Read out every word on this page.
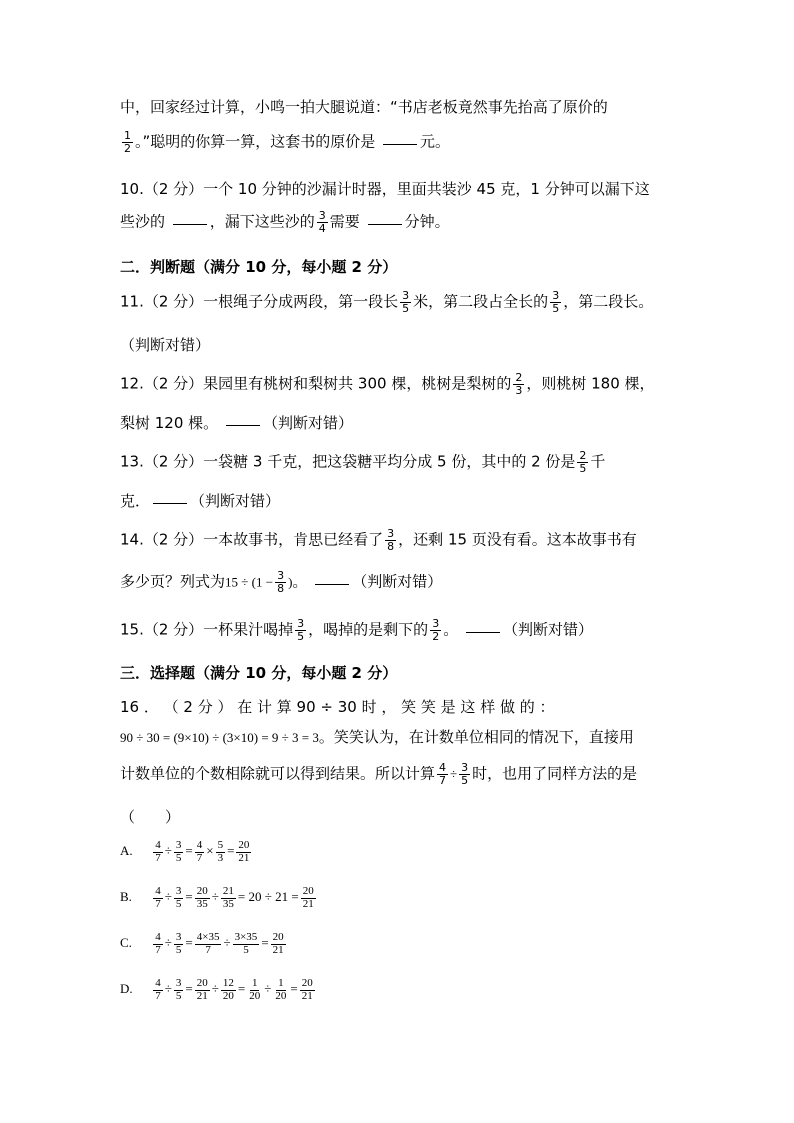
中，回家经过计算，小鸣一拍大腿说道：“书店老板竟然事先抬高了原价的
$\frac{1}{2}$ 。”聪明的你算一算，这套书的原价是	元。
10.（2 分）一个 10 分钟的沙漏计时器，里面共装沙 45 克，1 分钟可以漏下这
些沙的	，漏下这些沙的 $\frac{3}{4}$ 需要	分钟。
二．判断题（满分 10 分，每小题 2 分）
11.（2 分）一根绳子分成两段，第一段长 $\frac{3}{5}$ 米，第二段占全长的 $\frac{3}{5}$ ，第二段长。
（判断对错）
12.（2 分）果园里有桃树和梨树共 300 棵，桃树是梨树的 $\frac{2}{3}$ ，则桃树 180 棵，
梨树 120 棵。	（判断对错）
13.（2 分）一袋糖 3 千克，把这袋糖平均分成 5 份，其中的 2 份是 $\frac{2}{5}$ 千
克．	（判断对错）
14.（2 分）一本故事书，肯思已经看了 $\frac{3}{8}$ ，还剩 15 页没有看。这本故事书有
多少页？列式为$15 \div (1 - \frac{3}{8}$ )。	（判断对错）
15.（2 分）一杯果汁喝掉 $\frac{3}{5}$ ，喝掉的是剩下的 $\frac{3}{2}$ 。	（判断对错）
三．选择题（满分 10 分，每小题 2 分）
16 ． （ 2 分 ） 在 计 算 90 ÷ 30 时 ， 笑 笑 是 这 样 做 的 ：
90 ÷ 30 = (9×10) ÷ (3×10) = 9 ÷ 3 = 3。笑笑认为，在计数单位相同的情况下，直接用
计数单位的个数相除就可以得到结果。所以计算 $\frac{4}{7} \div \frac{3}{5}$ 时，也用了同样方法的是
（　　）
A. $\frac{4}{7} \div \frac{3}{5} = \frac{4}{7} \times \frac{5}{3} = \frac{20}{21}$
B. $\frac{4}{7} \div \frac{3}{5} = \frac{20}{35} \div \frac{21}{35} = 20 \div 21 = \frac{20}{21}$
C. $\frac{4}{7} \div \frac{3}{5} = \frac{4\times 35}{7} \div \frac{3\times 35}{5} = \frac{20}{21}$
D. $\frac{4}{7} \div \frac{3}{5} = \frac{20}{21} \div \frac{12}{20} = \frac{1}{20} \div \frac{1}{20} = \frac{20}{21}$
